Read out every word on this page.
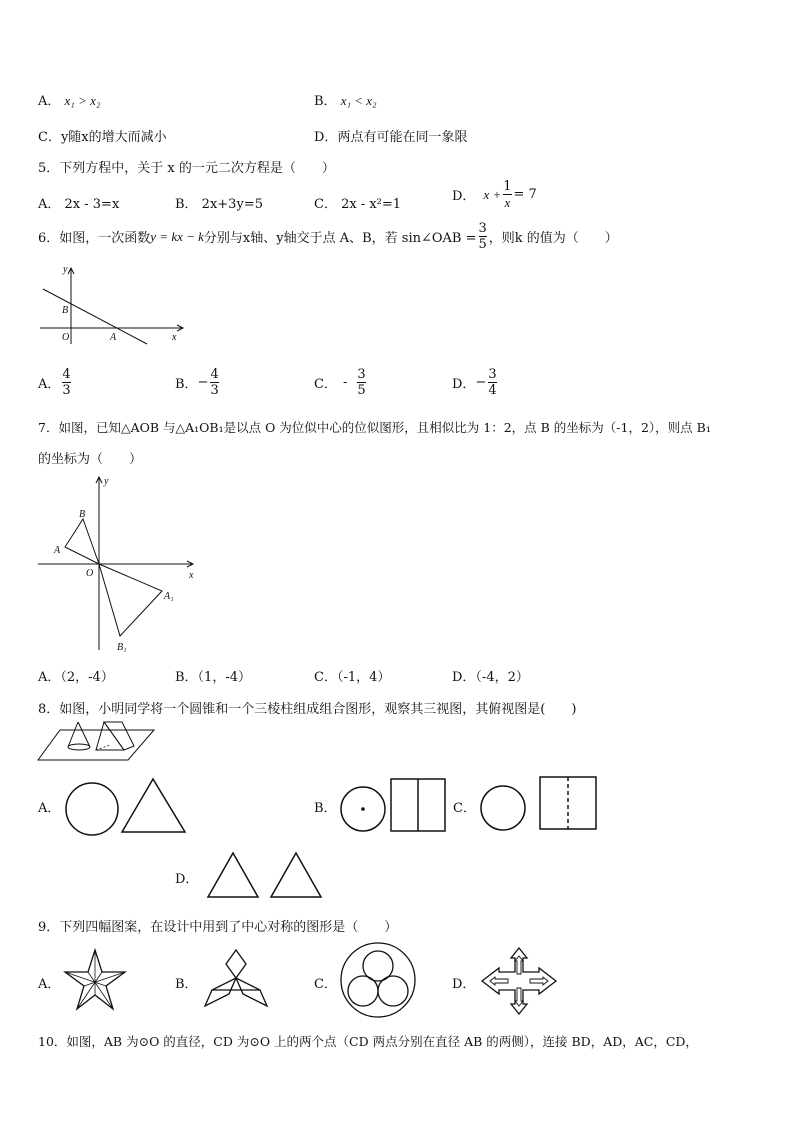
A． x₁ > x₂	B． x₁ < x₂
C．y随x的增大而减小	D．两点有可能在同一象限
5．下列方程中，关于 x 的一元二次方程是（　　）
A． 2x - 3=x	B． 2x+3y=5	C． 2x - x²=1
D． $x + \frac{1}{x} = 7$
6．如图，一次函数 y = kx − k 分别与x轴、y轴交于点 A、B，若 sin∠OAB = $\frac{3}{5}$ ，则k 的值为（　　）
y
x
B
O	A
A． $\frac{4}{3}$	B． − $\frac{4}{3}$	C． - $\frac{3}{5}$	D． − $\frac{3}{4}$
7．如图，已知△AOB 与△A₁OB₁是以点 O 为位似中心的位似图形，且相似比为 1：2，点 B 的坐标为（-1，2），则点 B₁
的坐标为（　　）
y
x
B
A
O
A₁
B₁
A．（2，-4）	B．（1，-4）	C．（-1，4）	D．（-4，2）
8．如图，小明同学将一个圆锥和一个三棱柱组成组合图形，观察其三视图，其俯视图是(　　)
A．	B．	C．
D．
9．下列四幅图案，在设计中用到了中心对称的图形是（　　）
A．	B．	C．	D．
10．如图，AB 为⊙O 的直径，CD 为⊙O 上的两个点（CD 两点分别在直径 AB 的两侧），连接 BD，AD，AC，CD，
